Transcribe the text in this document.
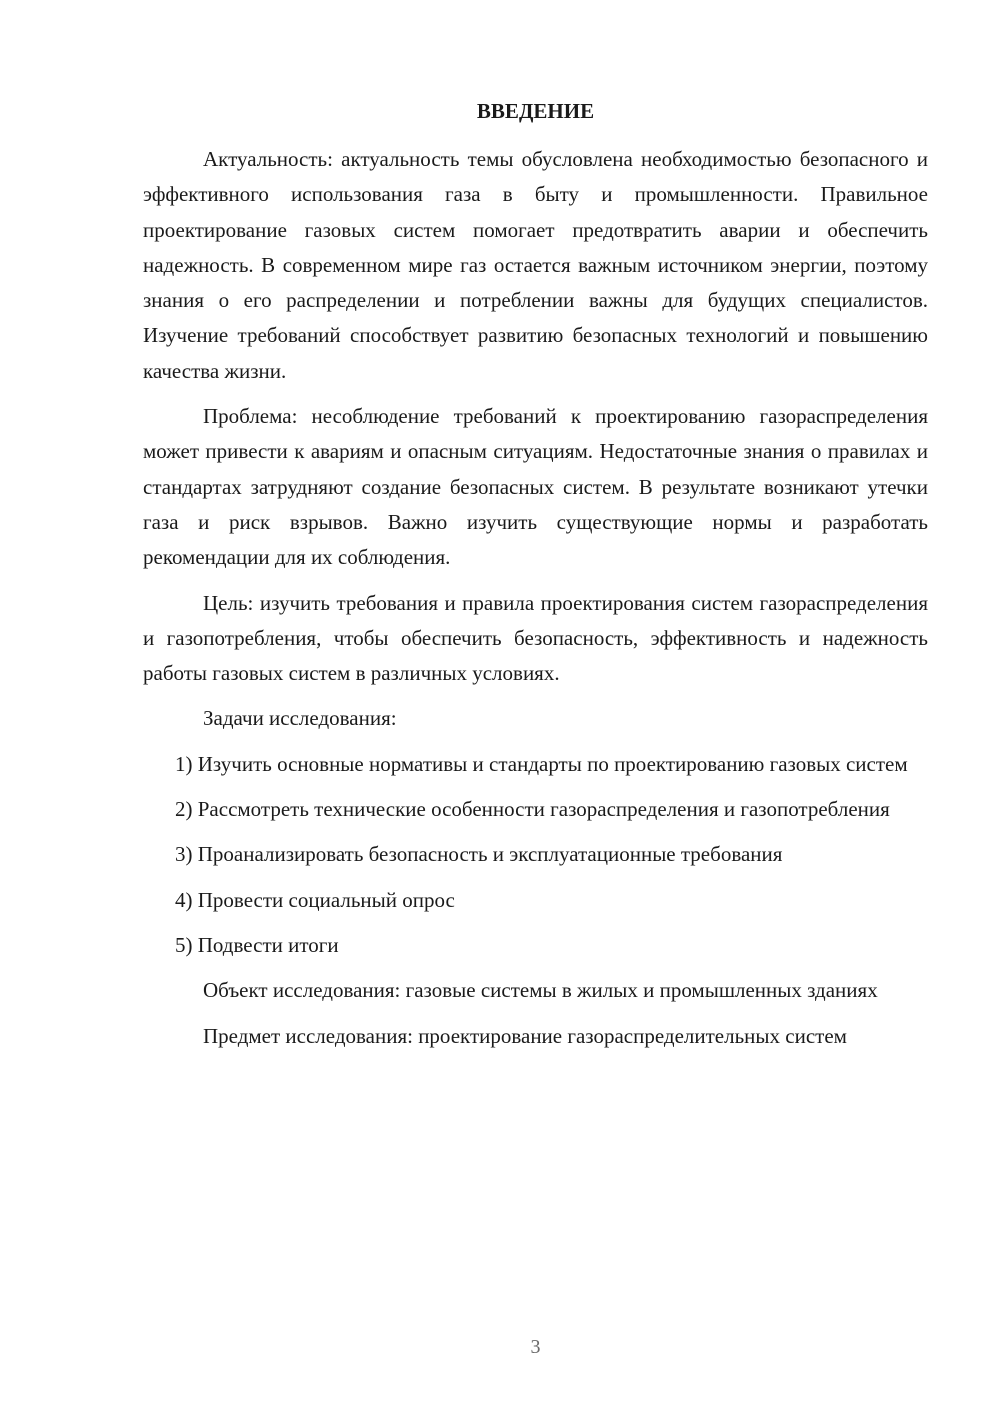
ВВЕДЕНИЕ

Актуальность: актуальность темы обусловлена необходимостью безопасного и эффективного использования газа в быту и промышленности. Правильное проектирование газовых систем помогает предотвратить аварии и обеспечить надежность. В современном мире газ остается важным источником энергии, поэтому знания о его распределении и потреблении важны для будущих специалистов. Изучение требований способствует развитию безопасных технологий и повышению качества жизни.

Проблема: несоблюдение требований к проектированию газораспределения может привести к авариям и опасным ситуациям. Недостаточные знания о правилах и стандартах затрудняют создание безопасных систем. В результате возникают утечки газа и риск взрывов. Важно изучить существующие нормы и разработать рекомендации для их соблюдения.

Цель: изучить требования и правила проектирования систем газораспределения и газопотребления, чтобы обеспечить безопасность, эффективность и надежность работы газовых систем в различных условиях.

Задачи исследования:

1) Изучить основные нормативы и стандарты по проектированию газовых систем

2) Рассмотреть технические особенности газораспределения и газопотребления

3) Проанализировать безопасность и эксплуатационные требования

4) Провести социальный опрос

5) Подвести итоги

Объект исследования: газовые системы в жилых и промышленных зданиях

Предмет исследования: проектирование газораспределительных систем

3
